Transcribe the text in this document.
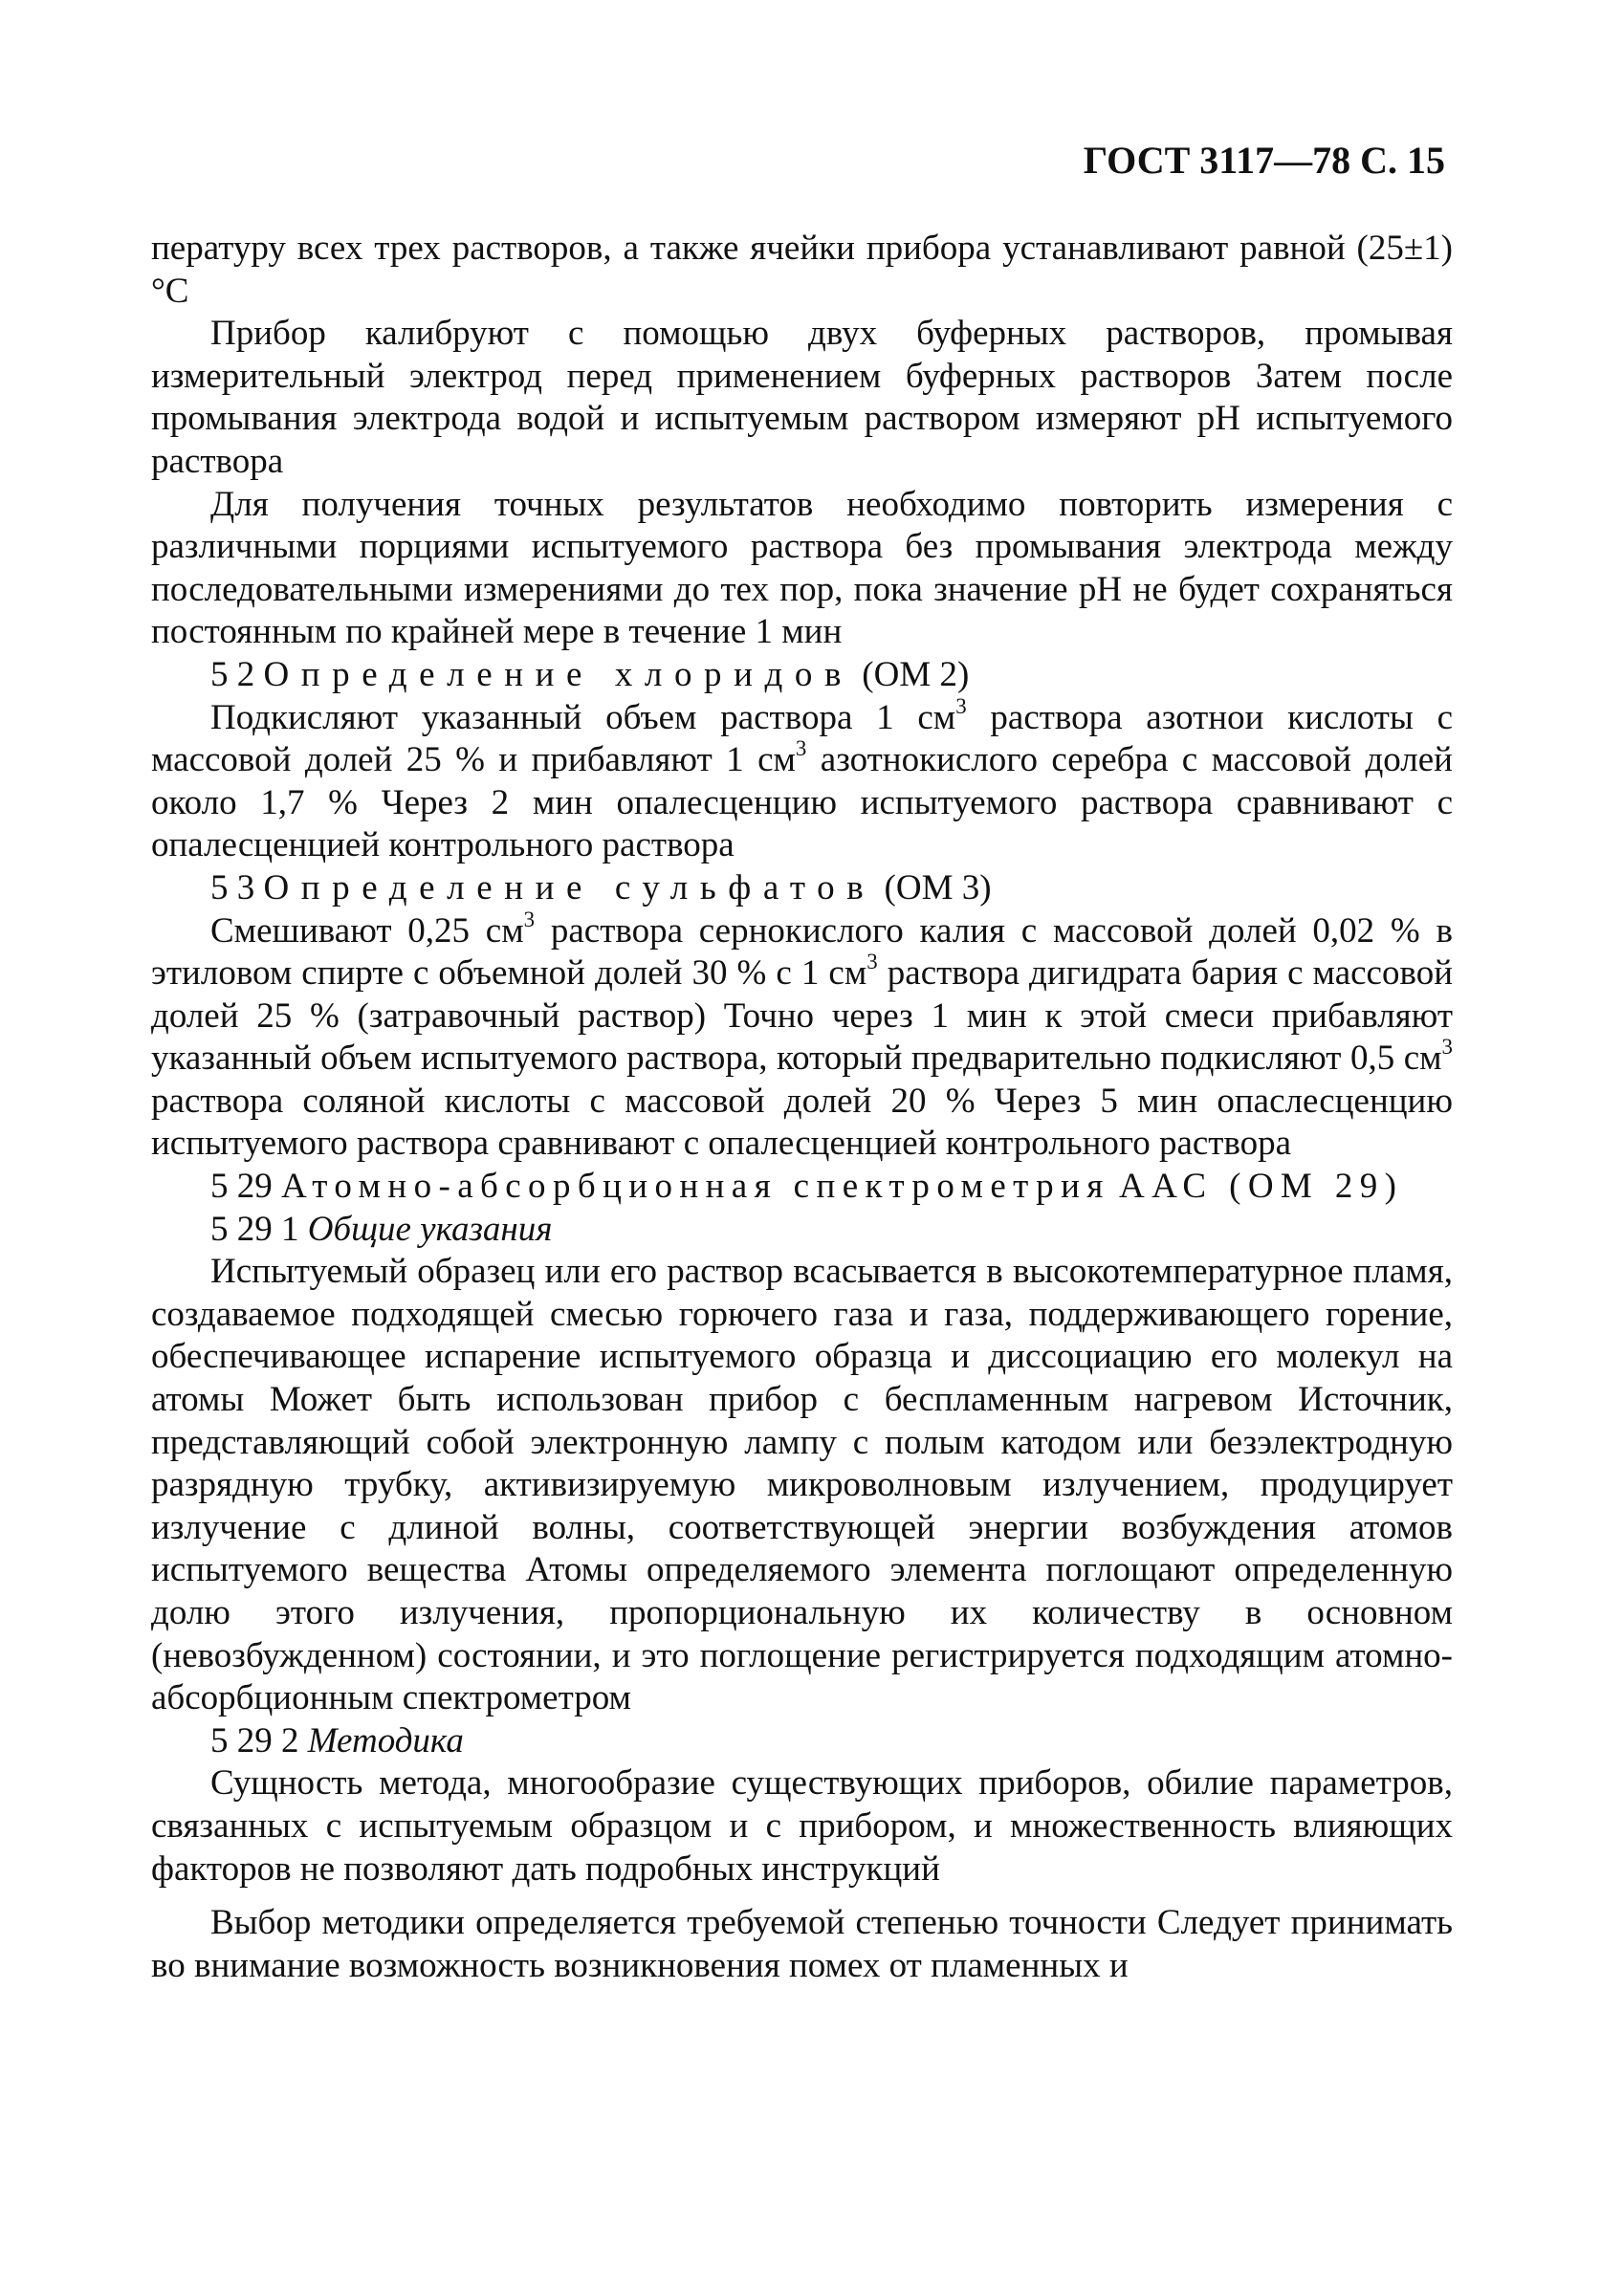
ГОСТ 3117—78 С. 15

пературу всех трех растворов, а также ячейки прибора устанавливают равной (25±1) °С

Прибор калибруют с помощью двух буферных растворов, промывая измерительный электрод перед применением буферных растворов Затем после промывания электрода водой и испытуемым раствором измеряют pH испытуемого раствора

Для получения точных результатов необходимо повторить измерения с различными порциями испытуемого раствора без промывания электрода между последовательными измерениями до тех пор, пока значение pH не будет сохраняться постоянным по крайней мере в течение 1 мин

5 2 Определение хлоридов (ОМ 2)

Подкисляют указанный объем раствора 1 $см^3$ раствора азотнои кислоты с массовой долей 25 % и прибавляют 1 $см^3$ азотнокислого серебра с массовой долей около 1,7 % Через 2 мин опалесценцию испытуемого раствора сравнивают с опалесценцией контрольного раствора

5 3 Определение сульфатов (ОМ 3)

Смешивают 0,25 $см^3$ раствора сернокислого калия с массовой долей 0,02 % в этиловом спирте с объемной долей 30 % с 1 $см^3$ раствора дигидрата бария с массовой долей 25 % (затравочный раствор) Точно через 1 мин к этой смеси прибавляют указанный объем испытуемого раствора, который предварительно подкисляют 0,5 $см^3$ раствора соляной кислоты с массовой долей 20 % Через 5 мин опаслесценцию испытуемого раствора сравнивают с опалесценцией контрольного раствора

5 29 Атомно-абсорбционная спектрометрия ААС (ОМ 29)

5 29 1 Общие указания

Испытуемый образец или его раствор всасывается в высокотемпературное пламя, создаваемое подходящей смесью горючего газа и газа, поддерживающего горение, обеспечивающее испарение испытуемого образца и диссоциацию его молекул на атомы Может быть использован прибор с беспламенным нагревом Источник, представляющий собой электронную лампу с полым катодом или безэлектродную разрядную трубку, активизируемую микроволновым излучением, продуцирует излучение с длиной волны, соответствующей энергии возбуждения атомов испытуемого вещества Атомы определяемого элемента поглощают определенную долю этого излучения, пропорциональную их количеству в основном (невозбужденном) состоянии, и это поглощение регистрируется подходящим атомно-абсорбционным спектрометром

5 29 2 Методика

Сущность метода, многообразие существующих приборов, обилие параметров, связанных с испытуемым образцом и с прибором, и множественность влияющих факторов не позволяют дать подробных инструкций

Выбор методики определяется требуемой степенью точности Следует принимать во внимание возможность возникновения помех от пламенных и
